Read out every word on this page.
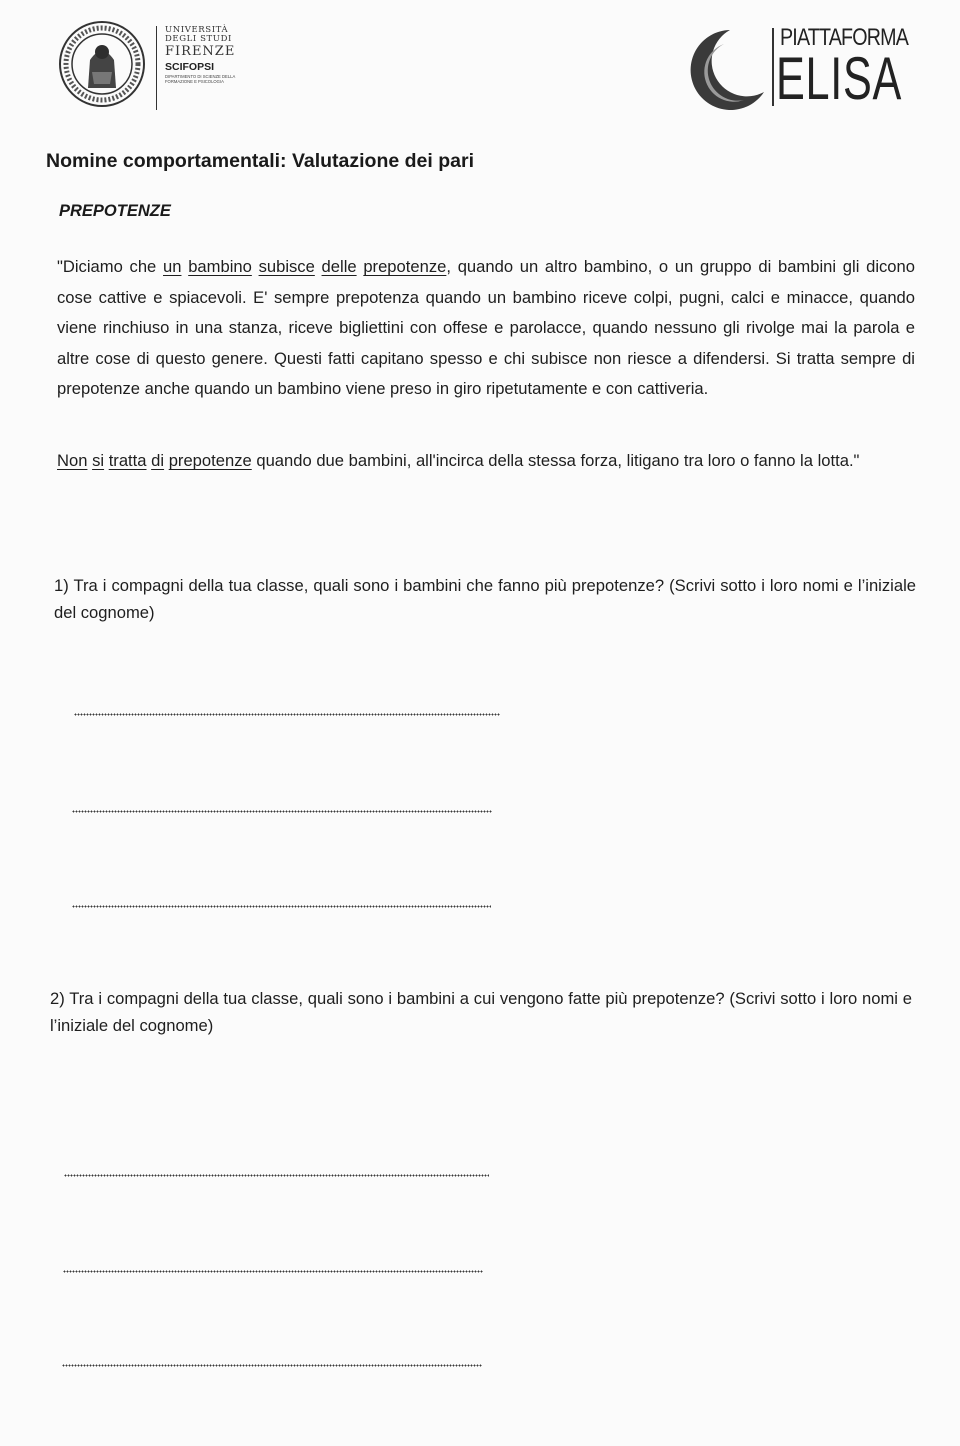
UNIVERSITÀ
DEGLI STUDI
FIRENZE
SCIFOPSI
DIPARTIMENTO DI SCIENZE DELLA FORMAZIONE E PSICOLOGIA
PIATTAFORMA
ELISA
Nomine comportamentali: Valutazione dei pari
PREPOTENZE
"Diciamo che un bambino subisce delle prepotenze, quando un altro bambino, o un gruppo di bambini gli dicono cose cattive e spiacevoli. E' sempre prepotenza quando un bambino riceve colpi, pugni, calci e minacce, quando viene rinchiuso in una stanza, riceve bigliettini con offese e parolacce, quando nessuno gli rivolge mai la parola e altre cose di questo genere. Questi fatti capitano spesso e chi subisce non riesce a difendersi. Si tratta sempre di prepotenze anche quando un bambino viene preso in giro ripetutamente e con cattiveria.
Non si tratta di prepotenze quando due bambini, all'incirca della stessa forza, litigano tra loro o fanno la lotta."
1) Tra i compagni della tua classe, quali sono i bambini che fanno più prepotenze? (Scrivi sotto i loro nomi e l’iniziale del cognome)
2) Tra i compagni della tua classe, quali sono i bambini a cui vengono fatte più prepotenze? (Scrivi sotto i loro nomi e l’iniziale del cognome)
